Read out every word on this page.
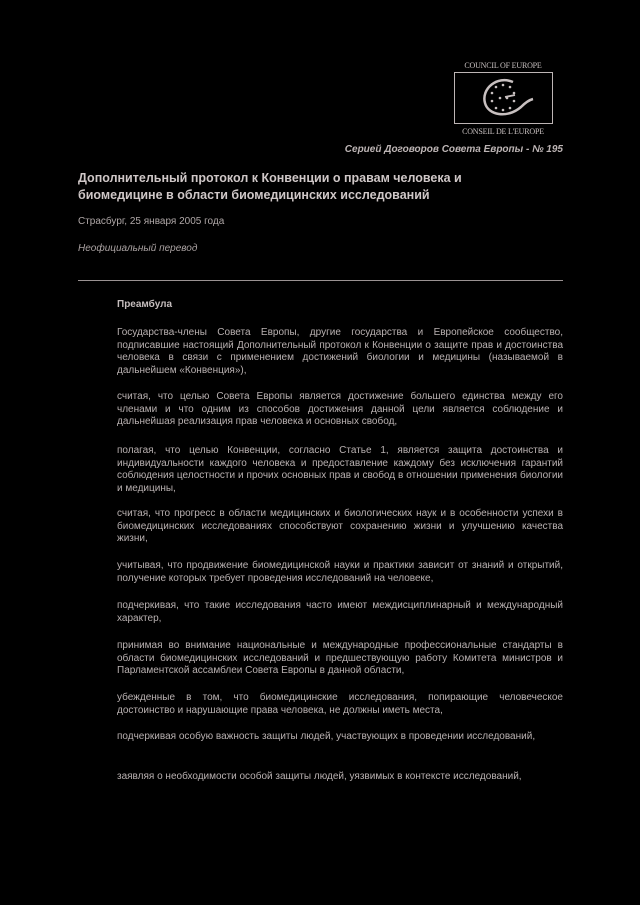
COUNCIL OF EUROPE
CONSEIL DE L'EUROPE
Серией Договоров Совета Европы - № 195
Дополнительный протокол к Конвенции о правам человека и биомедицине в области биомедицинских исследований
Страсбург, 25 января 2005 года
Неофициальный перевод
Преамбула
Государства-члены Совета Европы, другие государства и Европейское сообщество, подписавшие настоящий Дополнительный протокол к Конвенции о защите прав и достоинства человека в связи с применением достижений биологии и медицины (называемой в дальнейшем «Конвенция»),
считая, что целью Совета Европы является достижение большего единства между его членами и что одним из способов достижения данной цели является соблюдение и дальнейшая реализация прав человека и основных свобод,
полагая, что целью Конвенции, согласно Статье 1, является защита достоинства и индивидуальности каждого человека и предоставление каждому без исключения гарантий соблюдения целостности и прочих основных прав и свобод в отношении применения биологии и медицины,
считая, что прогресс в области медицинских и биологических наук и в особенности успехи в биомедицинских исследованиях способствуют сохранению жизни и улучшению качества жизни,
учитывая, что продвижение биомедицинской науки и практики зависит от знаний и открытий, получение которых требует проведения исследований на человеке,
подчеркивая, что такие исследования часто имеют междисциплинарный и международный характер,
принимая во внимание национальные и международные профессиональные стандарты в области биомедицинских исследований и предшествующую работу Комитета министров и Парламентской ассамблеи Совета Европы в данной области,
убежденные в том, что биомедицинские исследования, попирающие человеческое достоинство и нарушающие права человека, не должны иметь места,
подчеркивая особую важность защиты людей, участвующих в проведении исследований,
заявляя о необходимости особой защиты людей, уязвимых в контексте исследований,
